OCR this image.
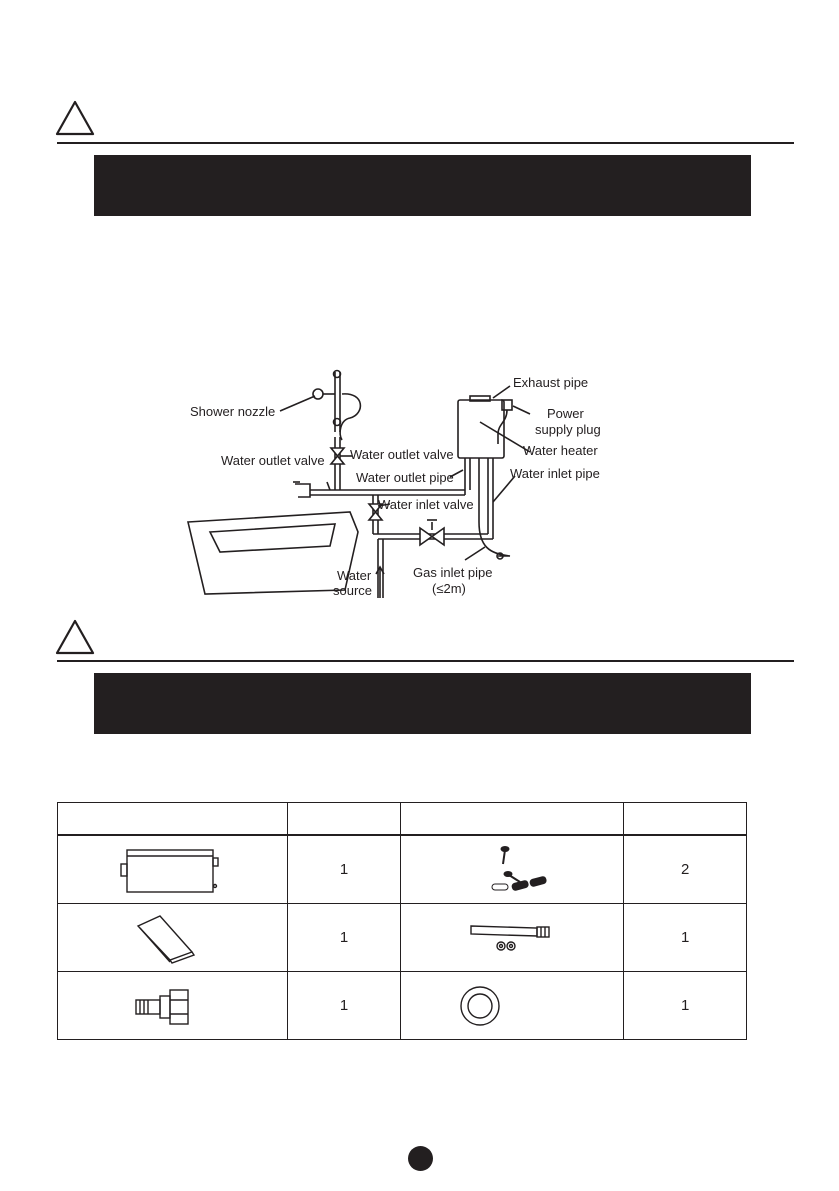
Shower nozzle
Exhaust pipe
Power
supply plug
Water heater
Water outlet valve
Water outlet valve
Water outlet pipe	Water inlet pipe
Water inlet valve
Water
source
Gas inlet pipe
(≤2m)

	1		2

	1		1

	1		1
